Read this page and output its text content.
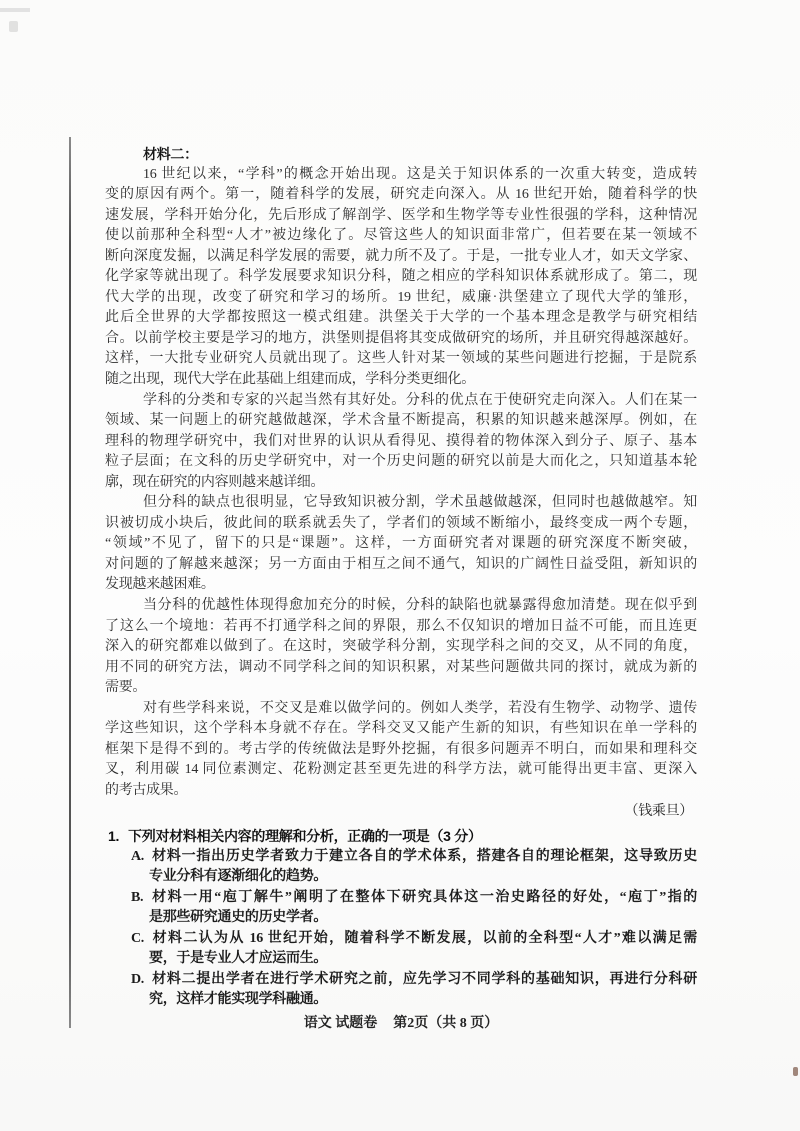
材料二：
16 世纪以来，“学科”的概念开始出现。这是关于知识体系的一次重大转变，造成转
变的原因有两个。第一，随着科学的发展，研究走向深入。从 16 世纪开始，随着科学的快
速发展，学科开始分化，先后形成了解剖学、医学和生物学等专业性很强的学科，这种情况
使以前那种全科型“人才”被边缘化了。尽管这些人的知识面非常广，但若要在某一领域不
断向深度发掘，以满足科学发展的需要，就力所不及了。于是，一批专业人才，如天文学家、
化学家等就出现了。科学发展要求知识分科，随之相应的学科知识体系就形成了。第二，现
代大学的出现，改变了研究和学习的场所。19 世纪，威廉·洪堡建立了现代大学的雏形，
此后全世界的大学都按照这一模式组建。洪堡关于大学的一个基本理念是教学与研究相结
合。以前学校主要是学习的地方，洪堡则提倡将其变成做研究的场所，并且研究得越深越好。
这样，一大批专业研究人员就出现了。这些人针对某一领域的某些问题进行挖掘，于是院系
随之出现，现代大学在此基础上组建而成，学科分类更细化。
学科的分类和专家的兴起当然有其好处。分科的优点在于使研究走向深入。人们在某一
领域、某一问题上的研究越做越深，学术含量不断提高，积累的知识越来越深厚。例如，在
理科的物理学研究中，我们对世界的认识从看得见、摸得着的物体深入到分子、原子、基本
粒子层面；在文科的历史学研究中，对一个历史问题的研究以前是大而化之，只知道基本轮
廓，现在研究的内容则越来越详细。
但分科的缺点也很明显，它导致知识被分割，学术虽越做越深，但同时也越做越窄。知
识被切成小块后，彼此间的联系就丢失了，学者们的领域不断缩小，最终变成一两个专题，
“领域”不见了，留下的只是“课题”。这样，一方面研究者对课题的研究深度不断突破，
对问题的了解越来越深；另一方面由于相互之间不通气，知识的广阔性日益受阻，新知识的
发现越来越困难。
当分科的优越性体现得愈加充分的时候，分科的缺陷也就暴露得愈加清楚。现在似乎到
了这么一个境地：若再不打通学科之间的界限，那么不仅知识的增加日益不可能，而且连更
深入的研究都难以做到了。在这时，突破学科分割，实现学科之间的交叉，从不同的角度，
用不同的研究方法，调动不同学科之间的知识积累，对某些问题做共同的探讨，就成为新的
需要。
对有些学科来说，不交叉是难以做学问的。例如人类学，若没有生物学、动物学、遗传
学这些知识，这个学科本身就不存在。学科交叉又能产生新的知识，有些知识在单一学科的
框架下是得不到的。考古学的传统做法是野外挖掘，有很多问题弄不明白，而如果和理科交
叉，利用碳 14 同位素测定、花粉测定甚至更先进的科学方法，就可能得出更丰富、更深入
的考古成果。
（钱乘旦）
1. 下列对材料相关内容的理解和分析，正确的一项是（3 分）
A. 材料一指出历史学者致力于建立各自的学术体系，搭建各自的理论框架，这导致历史
专业分科有逐渐细化的趋势。
B. 材料一用“庖丁解牛”阐明了在整体下研究具体这一治史路径的好处，“庖丁”指的
是那些研究通史的历史学者。
C. 材料二认为从 16 世纪开始，随着科学不断发展，以前的全科型“人才”难以满足需
要，于是专业人才应运而生。
D. 材料二提出学者在进行学术研究之前，应先学习不同学科的基础知识，再进行分科研
究，这样才能实现学科融通。
语文 试题卷 第2页（共 8 页）
